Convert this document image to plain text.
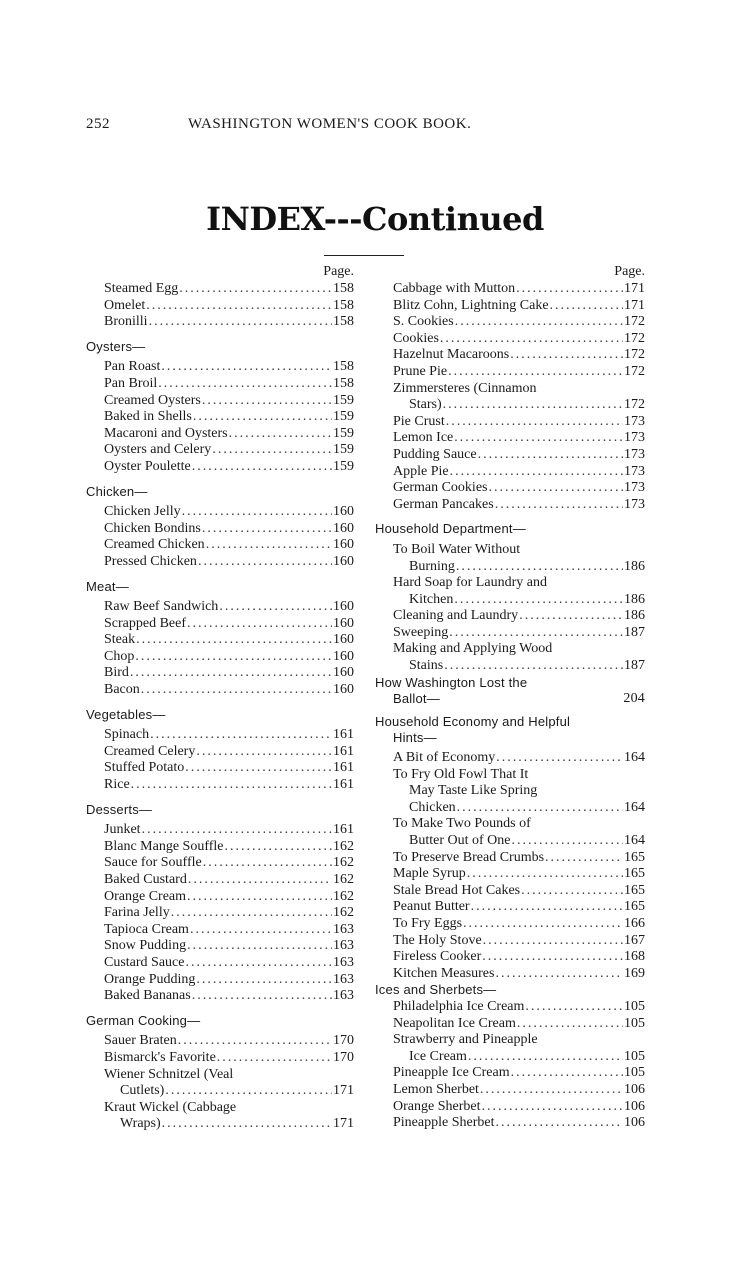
252	WASHINGTON WOMEN'S COOK BOOK.
INDEX---Continued
Page.
Steamed Egg .....	158
Omelet .....	158
Bronilli .....	158
Oysters—
Pan Roast .....	158
Pan Broil .....	158
Creamed Oysters .....	159
Baked in Shells .....	159
Macaroni and Oysters .....	159
Oysters and Celery .....	159
Oyster Poulette .....	159
Chicken—
Chicken Jelly .....	160
Chicken Bondins .....	160
Creamed Chicken .....	160
Pressed Chicken .....	160
Meat—
Raw Beef Sandwich .....	160
Scrapped Beef .....	160
Steak .....	160
Chop .....	160
Bird .....	160
Bacon .....	160
Vegetables—
Spinach .....	161
Creamed Celery .....	161
Stuffed Potato .....	161
Rice .....	161
Desserts—
Junket .....	161
Blanc Mange Souffle .....	162
Sauce for Souffle .....	162
Baked Custard .....	162
Orange Cream .....	162
Farina Jelly .....	162
Tapioca Cream .....	163
Snow Pudding .....	163
Custard Sauce .....	163
Orange Pudding .....	163
Baked Bananas .....	163
German Cooking—
Sauer Braten .....	170
Bismarck's Favorite .....	170
Wiener Schnitzel (Veal
Cutlets) .....	171
Kraut Wickel (Cabbage
Wraps) .....	171
Page.
Cabbage with Mutton .....	171
Blitz Cohn, Lightning Cake .....	171
S. Cookies .....	172
Cookies .....	172
Hazelnut Macaroons .....	172
Prune Pie .....	172
Zimmersteres (Cinnamon
Stars) .....	172
Pie Crust .....	173
Lemon Ice .....	173
Pudding Sauce .....	173
Apple Pie .....	173
German Cookies .....	173
German Pancakes .....	173
Household Department—
To Boil Water Without
Burning .....	186
Hard Soap for Laundry and
Kitchen .....	186
Cleaning and Laundry .....	186
Sweeping .....	187
Making and Applying Wood
Stains .....	187
How Washington Lost the
Ballot—	204
Household Economy and Helpful
Hints—
A Bit of Economy .....	164
To Fry Old Fowl That It
May Taste Like Spring
Chicken .....	164
To Make Two Pounds of
Butter Out of One .....	164
To Preserve Bread Crumbs .....	165
Maple Syrup .....	165
Stale Bread Hot Cakes .....	165
Peanut Butter .....	165
To Fry Eggs .....	166
The Holy Stove .....	167
Fireless Cooker .....	168
Kitchen Measures .....	169
Ices and Sherbets—
Philadelphia Ice Cream .....	105
Neapolitan Ice Cream .....	105
Strawberry and Pineapple
Ice Cream .....	105
Pineapple Ice Cream .....	105
Lemon Sherbet .....	106
Orange Sherbet .....	106
Pineapple Sherbet .....	106
